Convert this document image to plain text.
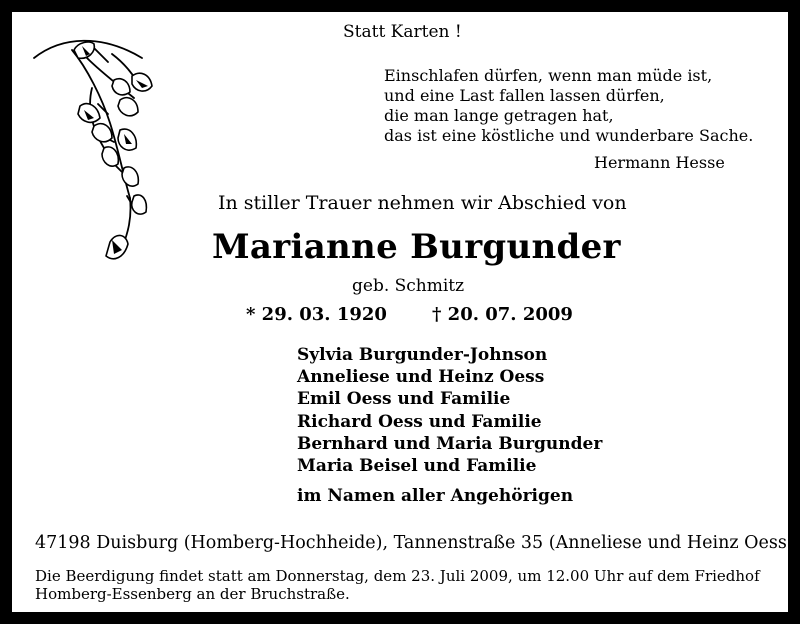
Statt Karten !
Einschlafen dürfen, wenn man müde ist,
und eine Last fallen lassen dürfen,
die man lange getragen hat,
das ist eine köstliche und wunderbare Sache.
Hermann Hesse
In stiller Trauer nehmen wir Abschied von
Marianne Burgunder
geb. Schmitz
* 29. 03. 1920	† 20. 07. 2009
Sylvia Burgunder-Johnson
Anneliese und Heinz Oess
Emil Oess und Familie
Richard Oess und Familie
Bernhard und Maria Burgunder
Maria Beisel und Familie
im Namen aller Angehörigen
47198 Duisburg (Homberg-Hochheide), Tannenstraße 35 (Anneliese und Heinz Oess)
Die Beerdigung findet statt am Donnerstag, dem 23. Juli 2009, um 12.00 Uhr auf dem Friedhof
Homberg-Essenberg an der Bruchstraße.
